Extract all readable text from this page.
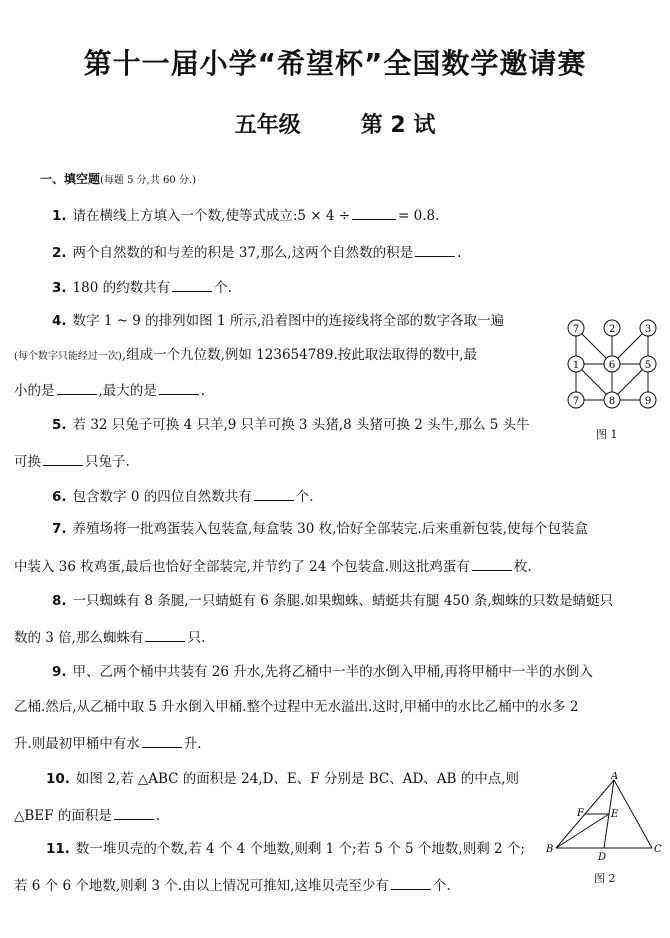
第十一届小学“希望杯”全国数学邀请赛
五年级	第 2 试
一、填空题(每题 5 分,共 60 分.)
1. 请在横线上方填入一个数,使等式成立:5 × 4 ÷	= 0.8.
2. 两个自然数的和与差的积是 37,那么,这两个自然数的积是	.
3. 180 的约数共有	个.
4. 数字 1 ~ 9 的排列如图 1 所示,沿着图中的连接线将全部的数字各取一遍
(每个数字只能经过一次),组成一个九位数,例如 123654789.按此取法取得的数中,最
小的是	,最大的是	.
5. 若 32 只兔子可换 4 只羊,9 只羊可换 3 头猪,8 头猪可换 2 头牛,那么 5 头牛
可换	只兔子.
6. 包含数字 0 的四位自然数共有	个.
7. 养殖场将一批鸡蛋装入包装盒,每盒装 30 枚,恰好全部装完.后来重新包装,使每个包装盒
中装入 36 枚鸡蛋,最后也恰好全部装完,并节约了 24 个包装盒.则这批鸡蛋有	枚.
8. 一只蜘蛛有 8 条腿,一只蜻蜓有 6 条腿.如果蜘蛛、蜻蜓共有腿 450 条,蜘蛛的只数是蜻蜓只
数的 3 倍,那么蜘蛛有	只.
9. 甲、乙两个桶中共装有 26 升水,先将乙桶中一半的水倒入甲桶,再将甲桶中一半的水倒入
乙桶.然后,从乙桶中取 5 升水倒入甲桶.整个过程中无水溢出.这时,甲桶中的水比乙桶中的水多 2
升.则最初甲桶中有水	升.
10. 如图 2,若 △ABC 的面积是 24,D、E、F 分别是 BC、AD、AB 的中点,则
△BEF 的面积是	.
11. 数一堆贝壳的个数,若 4 个 4 个地数,则剩 1 个;若 5 个 5 个地数,则剩 2 个;
若 6 个 6 个地数,则剩 3 个.由以上情况可推知,这堆贝壳至少有	个.
7	2	3
1	6	5
7	8	9
图 1
A
B	C
D
E
F
图 2
